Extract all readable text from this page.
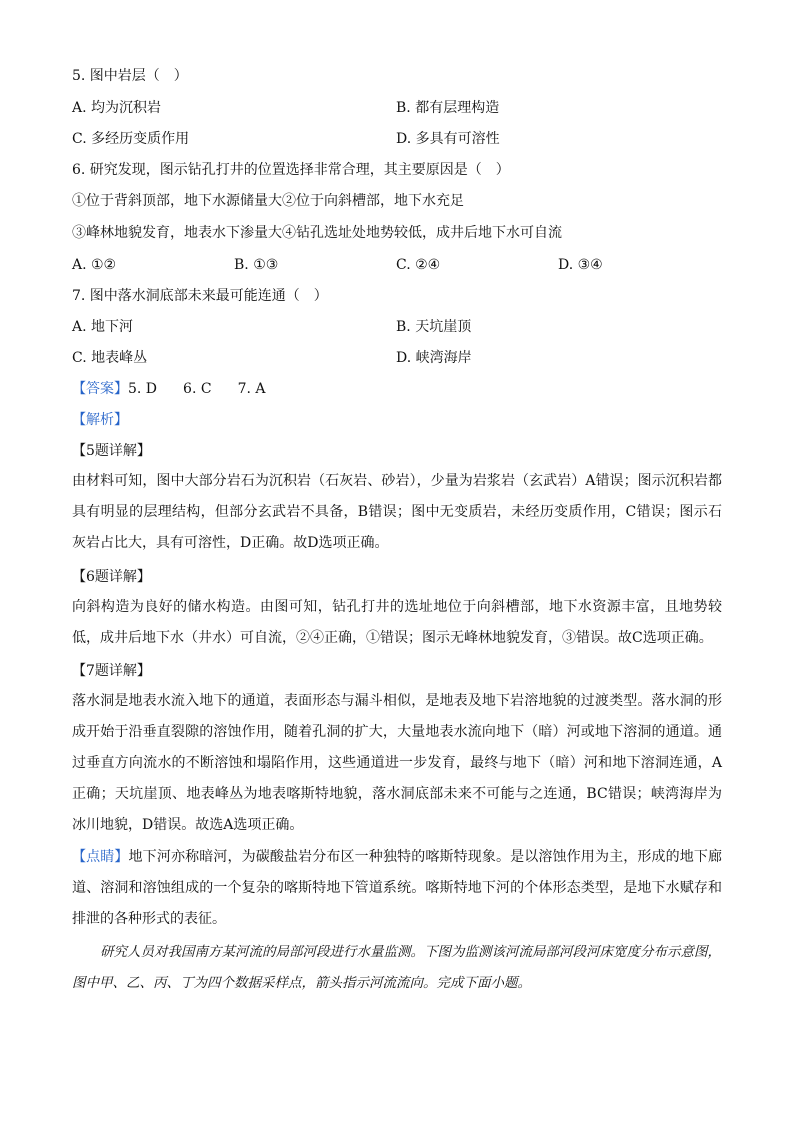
5. 图中岩层（　）
A. 均为沉积岩	B. 都有层理构造
C. 多经历变质作用	D. 多具有可溶性
6. 研究发现，图示钻孔打井的位置选择非常合理，其主要原因是（　）
①位于背斜顶部，地下水源储量大②位于向斜槽部，地下水充足
③峰林地貌发育，地表水下渗量大④钻孔选址处地势较低，成井后地下水可自流
A. ①②	B. ①③	C. ②④	D. ③④
7. 图中落水洞底部未来最可能连通（　）
A. 地下河	B. 天坑崖顶
C. 地表峰丛	D. 峡湾海岸
【答案】5. D 6. C 7. A
【解析】
【5题详解】
由材料可知，图中大部分岩石为沉积岩（石灰岩、砂岩），少量为岩浆岩（玄武岩）A错误；图示沉积岩都具有明显的层理结构，但部分玄武岩不具备，B错误；图中无变质岩，未经历变质作用，C错误；图示石灰岩占比大，具有可溶性，D正确。故D选项正确。
【6题详解】
向斜构造为良好的储水构造。由图可知，钻孔打井的选址地位于向斜槽部，地下水资源丰富，且地势较低，成井后地下水（井水）可自流，②④正确，①错误；图示无峰林地貌发育，③错误。故C选项正确。
【7题详解】
落水洞是地表水流入地下的通道，表面形态与漏斗相似，是地表及地下岩溶地貌的过渡类型。落水洞的形成开始于沿垂直裂隙的溶蚀作用，随着孔洞的扩大，大量地表水流向地下（暗）河或地下溶洞的通道。通过垂直方向流水的不断溶蚀和塌陷作用，这些通道进一步发育，最终与地下（暗）河和地下溶洞连通，A正确；天坑崖顶、地表峰丛为地表喀斯特地貌，落水洞底部未来不可能与之连通，BC错误；峡湾海岸为冰川地貌，D错误。故选A选项正确。
【点睛】地下河亦称暗河，为碳酸盐岩分布区一种独特的喀斯特现象。是以溶蚀作用为主，形成的地下廊道、溶洞和溶蚀组成的一个复杂的喀斯特地下管道系统。喀斯特地下河的个体形态类型，是地下水赋存和排泄的各种形式的表征。
研究人员对我国南方某河流的局部河段进行水量监测。下图为监测该河流局部河段河床宽度分布示意图，图中甲、乙、丙、丁为四个数据采样点，箭头指示河流流向。完成下面小题。
